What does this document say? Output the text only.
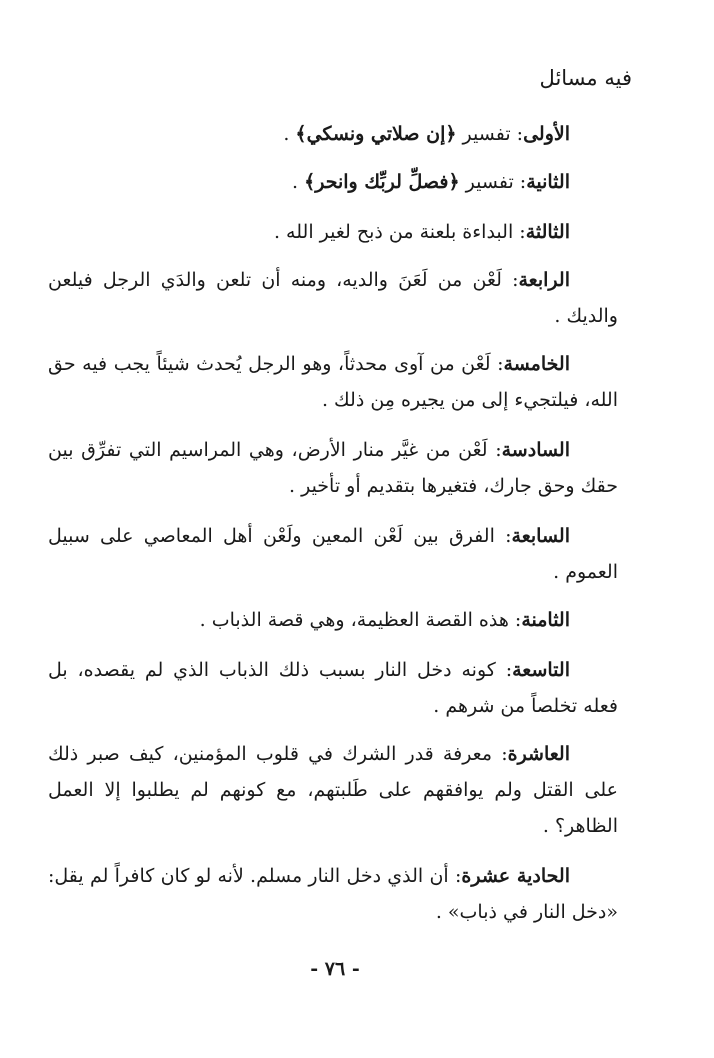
فيه مسائل
الأولى: تفسير ﴿إن صلاتي ونسكي﴾ .
الثانية: تفسير ﴿فصلِّ لربِّك وانحر﴾ .
الثالثة: البداءة بلعنة من ذبح لغير الله .
الرابعة: لَعْن من لَعَنَ والديه، ومنه أن تلعن والدَي الرجل فيلعن والديك .
الخامسة: لَعْن من آوى محدثاً، وهو الرجل يُحدث شيئاً يجب فيه حق الله، فيلتجيء إلى من يجيره مِن ذلك .
السادسة: لَعْن من غيَّر منار الأرض، وهي المراسيم التي تفرِّق بين حقك وحق جارك، فتغيرها بتقديم أو تأخير .
السابعة: الفرق بين لَعْن المعين ولَعْن أهل المعاصي على سبيل العموم .
الثامنة: هذه القصة العظيمة، وهي قصة الذباب .
التاسعة: كونه دخل النار بسبب ذلك الذباب الذي لم يقصده، بل فعله تخلصاً من شرهم .
العاشرة: معرفة قدر الشرك في قلوب المؤمنين، كيف صبر ذلك على القتل ولم يوافقهم على طَلبتهم، مع كونهم لم يطلبوا إلا العمل الظاهر؟ .
الحادية عشرة: أن الذي دخل النار مسلم. لأنه لو كان كافراً لم يقل: «دخل النار في ذباب» .
- ٧٦ -
